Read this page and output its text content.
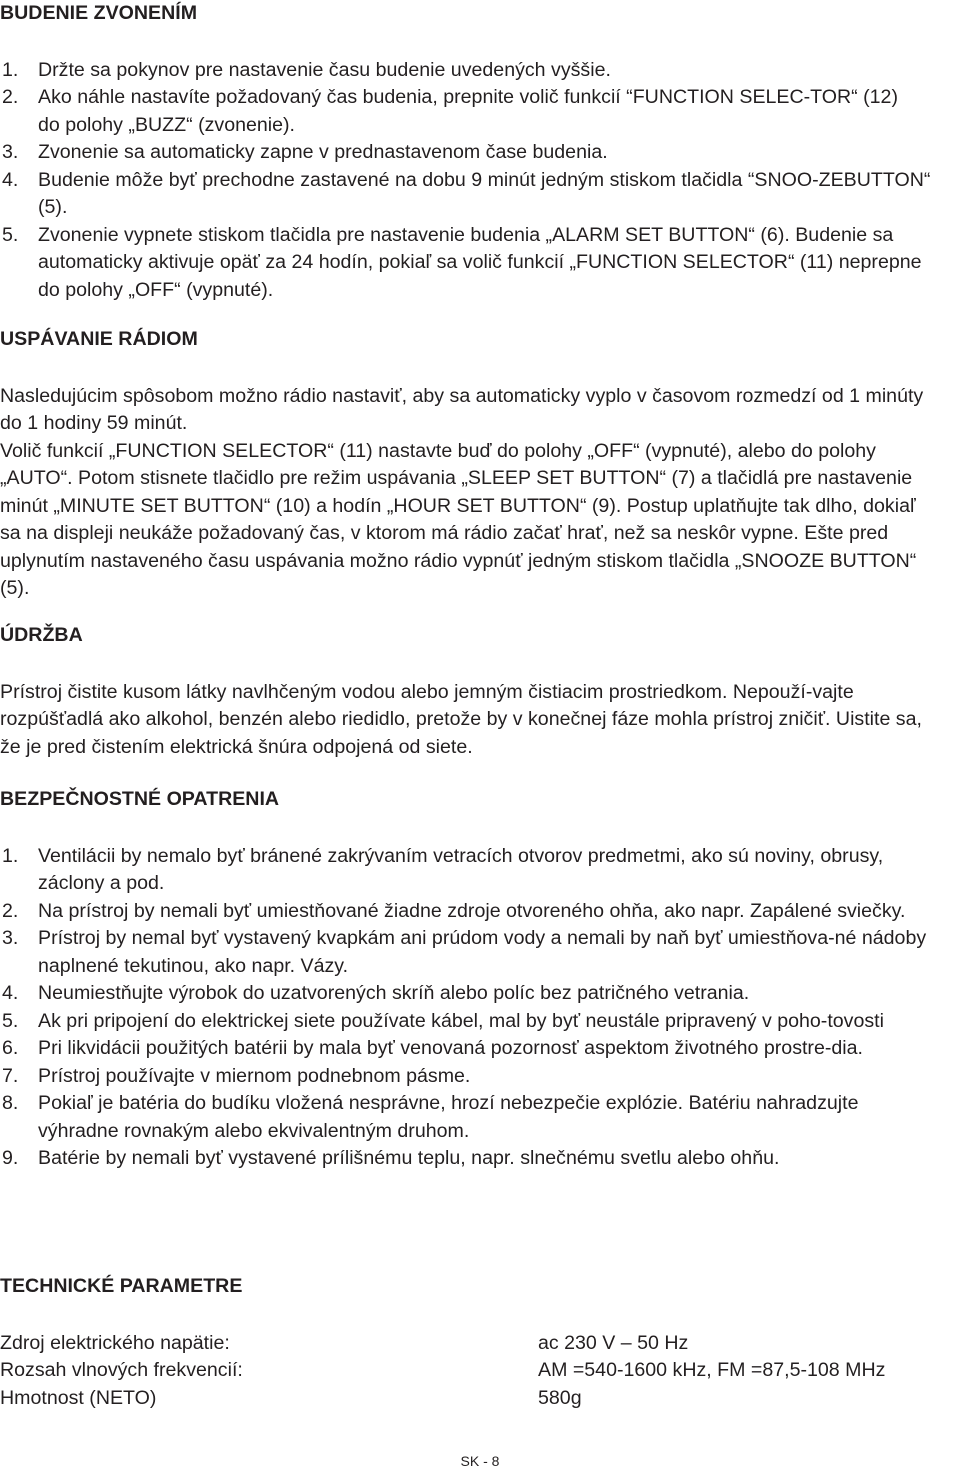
BUDENIE ZVONENÍM
1. Držte sa pokynov pre nastavenie času budenie uvedených vyššie.
2. Ako náhle nastavíte požadovaný čas budenia, prepnite volič funkcií “FUNCTION SELEC-TOR“ (12) do polohy „BUZZ“ (zvonenie).
3. Zvonenie sa automaticky zapne v prednastavenom čase budenia.
4. Budenie môže byť prechodne zastavené na dobu 9 minút jedným stiskom tlačidla “SNOO-ZEBUTTON“ (5).
5. Zvonenie vypnete stiskom tlačidla pre nastavenie budenia „ALARM SET BUTTON“ (6). Budenie sa automaticky aktivuje opäť za 24 hodín, pokiaľ sa volič funkcií „FUNCTION SELECTOR“ (11) neprepne do polohy „OFF“ (vypnuté).
USPÁVANIE RÁDIOM

Nasledujúcim spôsobom možno rádio nastaviť, aby sa automaticky vyplo v časovom rozmedzí od 1 minúty do 1 hodiny 59 minút.

Volič funkcií „FUNCTION SELECTOR“ (11) nastavte buď do polohy „OFF“ (vypnuté), alebo do polohy „AUTO“. Potom stisnete tlačidlo pre režim uspávania „SLEEP SET BUTTON“ (7) a tlačidlá pre nastavenie minút „MINUTE SET BUTTON“ (10) a hodín „HOUR SET BUTTON“ (9). Postup uplatňujte tak dlho, dokiaľ sa na displeji neukáže požadovaný čas, v ktorom má rádio začať hrať, než sa neskôr vypne. Ešte pred uplynutím nastaveného času uspávania možno rádio vypnúť jedným stiskom tlačidla „SNOOZE BUTTON“ (5).

ÚDRŽBA

Prístroj čistite kusom látky navlhčeným vodou alebo jemným čistiacim prostriedkom. Nepouží-vajte rozpúšťadlá ako alkohol, benzén alebo riedidlo, pretože by v konečnej fáze mohla prístroj zničiť. Uistite sa, že je pred čistením elektrická šnúra odpojená od siete.

BEZPEČNOSTNÉ OPATRENIA
1. Ventilácii by nemalo byť bránené zakrývaním vetracích otvorov predmetmi, ako sú noviny, obrusy, záclony a pod.
2. Na prístroj by nemali byť umiestňované žiadne zdroje otvoreného ohňa, ako napr. Zapálené sviečky.
3. Prístroj by nemal byť vystavený kvapkám ani prúdom vody a nemali by naň byť umiestňova-né nádoby naplnené tekutinou, ako napr. Vázy.
4. Neumiestňujte výrobok do uzatvorených skríň alebo políc bez patričného vetrania.
5. Ak pri pripojení do elektrickej siete používate kábel, mal by byť neustále pripravený v poho-tovosti
6. Pri likvidácii použitých batérii by mala byť venovaná pozornosť aspektom životného prostre-dia.
7. Prístroj používajte v miernom podnebnom pásme.
8. Pokiaľ je batéria do budíku vložená nesprávne, hrozí nebezpečie explózie. Batériu nahradzujte výhradne rovnakým alebo ekvivalentným druhom.
9. Batérie by nemali byť vystavené prílišnému teplu, napr. slnečnému svetlu alebo ohňu.
TECHNICKÉ PARAMETRE
Zdroj elektrického napätie:	ac 230 V – 50 Hz
Rozsah vlnových frekvencií:	AM =540-1600 kHz, FM =87,5-108 MHz
Hmotnost (NETO)	580g
SK - 8
